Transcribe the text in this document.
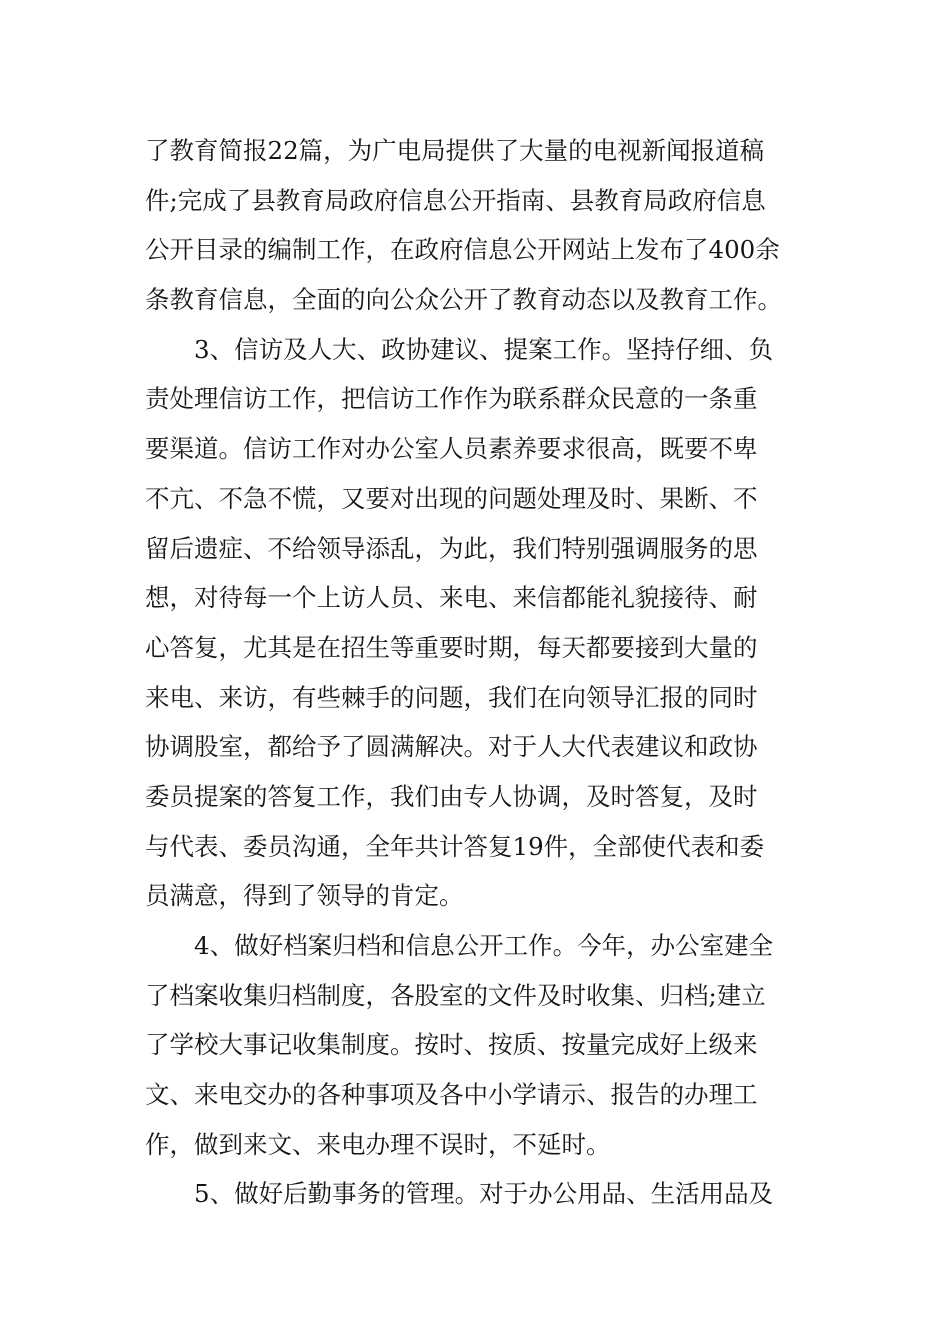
了教育简报22篇，为广电局提供了大量的电视新闻报道稿
件;完成了县教育局政府信息公开指南、县教育局政府信息
公开目录的编制工作，在政府信息公开网站上发布了400余
条教育信息，全面的向公众公开了教育动态以及教育工作。
3、信访及人大、政协建议、提案工作。坚持仔细、负
责处理信访工作，把信访工作作为联系群众民意的一条重
要渠道。信访工作对办公室人员素养要求很高，既要不卑
不亢、不急不慌，又要对出现的问题处理及时、果断、不
留后遗症、不给领导添乱，为此，我们特别强调服务的思
想，对待每一个上访人员、来电、来信都能礼貌接待、耐
心答复，尤其是在招生等重要时期，每天都要接到大量的
来电、来访，有些棘手的问题，我们在向领导汇报的同时
协调股室，都给予了圆满解决。对于人大代表建议和政协
委员提案的答复工作，我们由专人协调，及时答复，及时
与代表、委员沟通，全年共计答复19件，全部使代表和委
员满意，得到了领导的肯定。
4、做好档案归档和信息公开工作。今年，办公室建全
了档案收集归档制度，各股室的文件及时收集、归档;建立
了学校大事记收集制度。按时、按质、按量完成好上级来
文、来电交办的各种事项及各中小学请示、报告的办理工
作，做到来文、来电办理不误时，不延时。
5、做好后勤事务的管理。对于办公用品、生活用品及
